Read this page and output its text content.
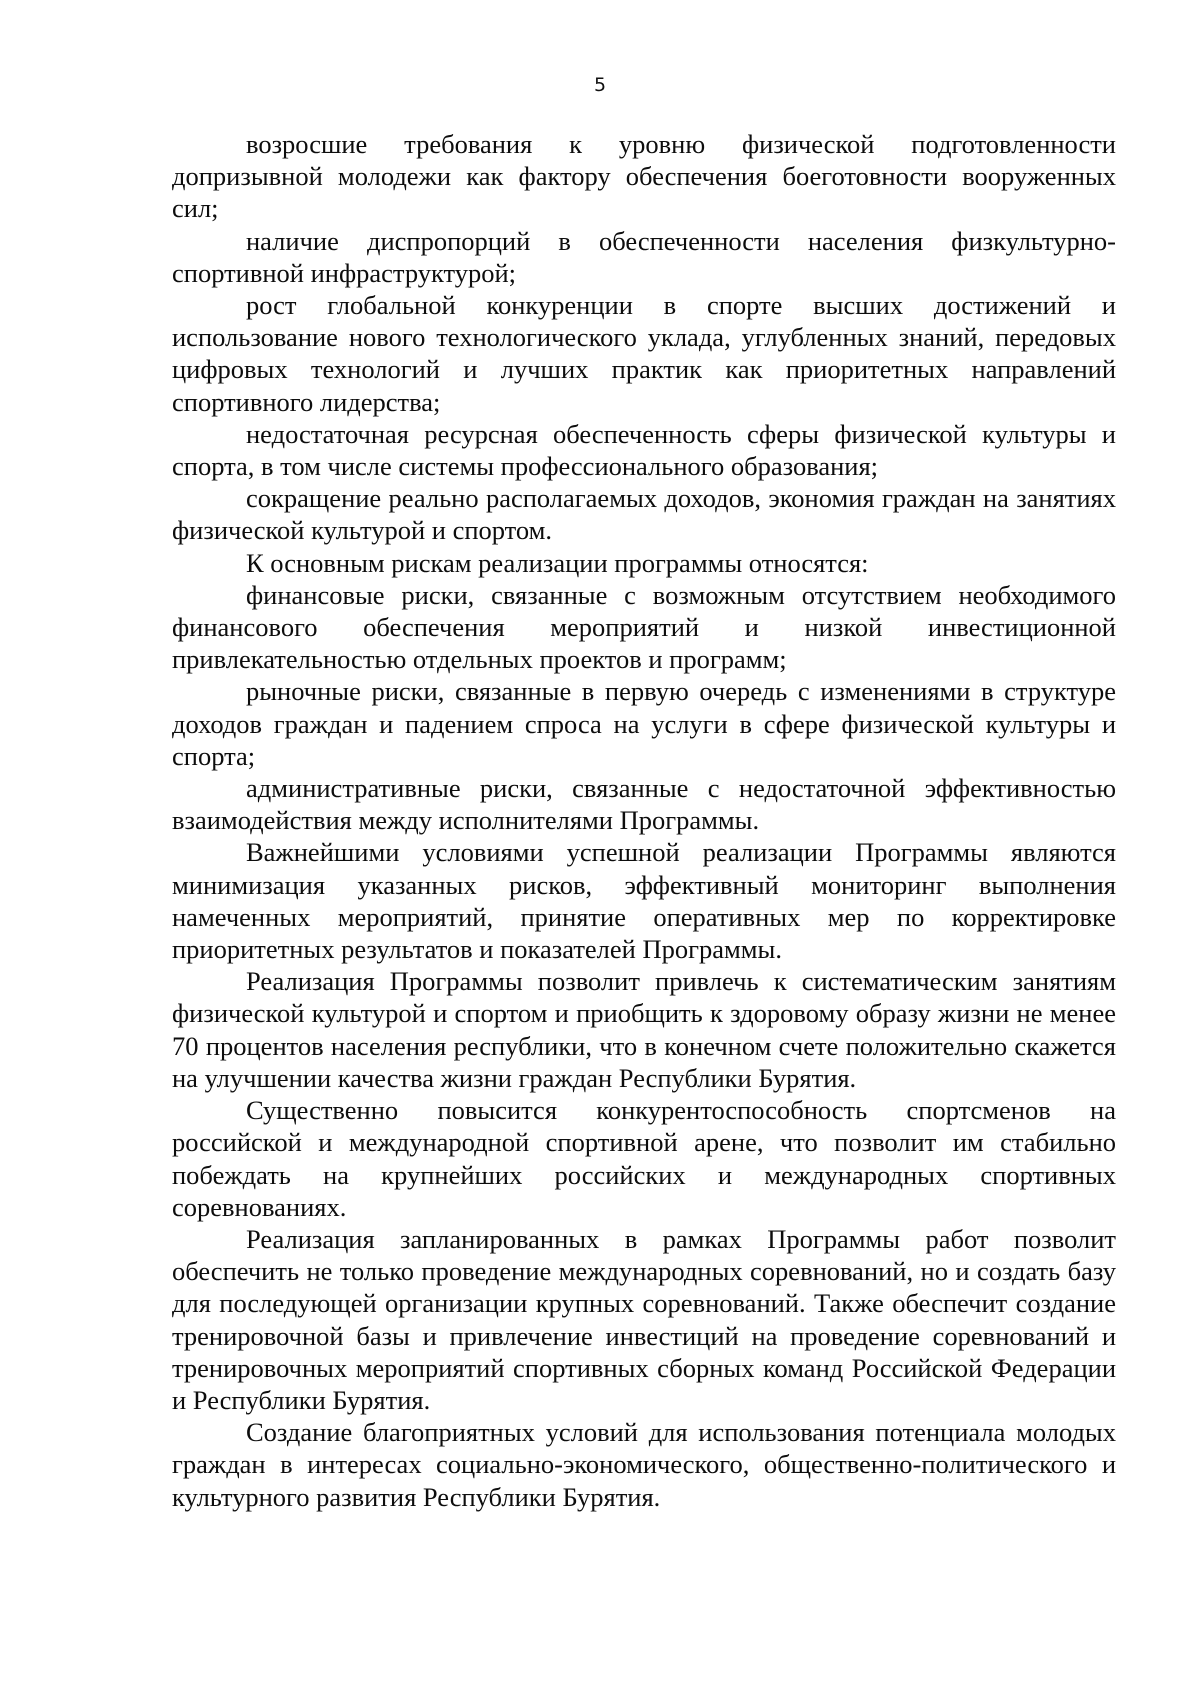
5

возросшие требования к уровню физической подготовленности допризывной молодежи как фактору обеспечения боеготовности вооруженных сил;

наличие диспропорций в обеспеченности населения физкультурно-спортивной инфраструктурой;

рост глобальной конкуренции в спорте высших достижений и использование нового технологического уклада, углубленных знаний, передовых цифровых технологий и лучших практик как приоритетных направлений спортивного лидерства;

недостаточная ресурсная обеспеченность сферы физической культуры и спорта, в том числе системы профессионального образования;

сокращение реально располагаемых доходов, экономия граждан на занятиях физической культурой и спортом.

К основным рискам реализации программы относятся:

финансовые риски, связанные с возможным отсутствием необходимого финансового обеспечения мероприятий и низкой инвестиционной привлекательностью отдельных проектов и программ;

рыночные риски, связанные в первую очередь с изменениями в структуре доходов граждан и падением спроса на услуги в сфере физической культуры и спорта;

административные риски, связанные с недостаточной эффективностью взаимодействия между исполнителями Программы.

Важнейшими условиями успешной реализации Программы являются минимизация указанных рисков, эффективный мониторинг выполнения намеченных мероприятий, принятие оперативных мер по корректировке приоритетных результатов и показателей Программы.

Реализация Программы позволит привлечь к систематическим занятиям физической культурой и спортом и приобщить к здоровому образу жизни не менее 70 процентов населения республики, что в конечном счете положительно скажется на улучшении качества жизни граждан Республики Бурятия.

Существенно повысится конкурентоспособность спортсменов на российской и международной спортивной арене, что позволит им стабильно побеждать на крупнейших российских и международных спортивных соревнованиях.

Реализация запланированных в рамках Программы работ позволит обеспечить не только проведение международных соревнований, но и создать базу для последующей организации крупных соревнований. Также обеспечит создание тренировочной базы и привлечение инвестиций на проведение соревнований и тренировочных мероприятий спортивных сборных команд Российской Федерации и Республики Бурятия.

Создание благоприятных условий для использования потенциала молодых граждан в интересах социально-экономического, общественно-политического и культурного развития Республики Бурятия.
